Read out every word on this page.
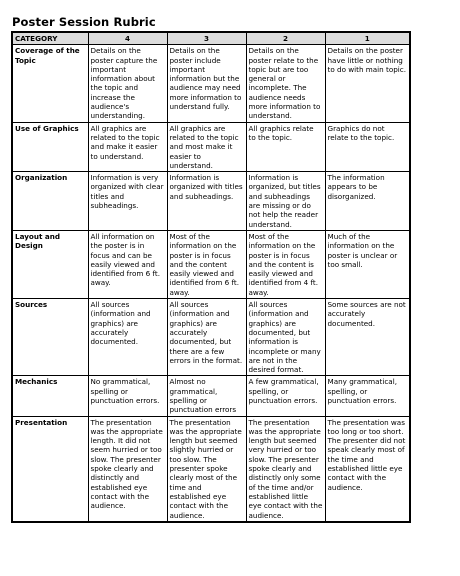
Poster Session Rubric
CATEGORY	4	3	2	1
Coverage of the Topic	Details on the poster capture the important information about the topic and increase the audience's understanding.	Details on the poster include important information but the audience may need more information to understand fully.	Details on the poster relate to the topic but are too general or incomplete. The audience needs more information to understand.	Details on the poster have little or nothing to do with main topic.
Use of Graphics	All graphics are related to the topic and make it easier to understand.	All graphics are related to the topic and most make it easier to understand.	All graphics relate to the topic.	Graphics do not relate to the topic.
Organization	Information is very organized with clear titles and subheadings.	Information is organized with titles and subheadings.	Information is organized, but titles and subheadings are missing or do not help the reader understand.	The information appears to be disorganized.
Layout and Design	All information on the poster is in focus and can be easily viewed and identified from 6 ft. away.	Most of the information on the poster is in focus and the content easily viewed and identified from 6 ft. away.	Most of the information on the poster is in focus and the content is easily viewed and identified from 4 ft. away.	Much of the information on the poster is unclear or too small.
Sources	All sources (information and graphics) are accurately documented.	All sources (information and graphics) are accurately documented, but there are a few errors in the format.	All sources (information and graphics) are documented, but information is incomplete or many are not in the desired format.	Some sources are not accurately documented.
Mechanics	No grammatical, spelling or punctuation errors.	Almost no grammatical, spelling or punctuation errors	A few grammatical, spelling, or punctuation errors.	Many grammatical, spelling, or punctuation errors.
Presentation	The presentation was the appropriate length. It did not seem hurried or too slow. The presenter spoke clearly and distinctly and established eye contact with the audience.	The presentation was the appropriate length but seemed slightly hurried or too slow. The presenter spoke clearly most of the time and established eye contact with the audience.	The presentation was the appropriate length but seemed very hurried or too slow. The presenter spoke clearly and distinctly only some of the time and/or established little eye contact with the audience.	The presentation was too long or too short. The presenter did not speak clearly most of the time and established little eye contact with the audience.
